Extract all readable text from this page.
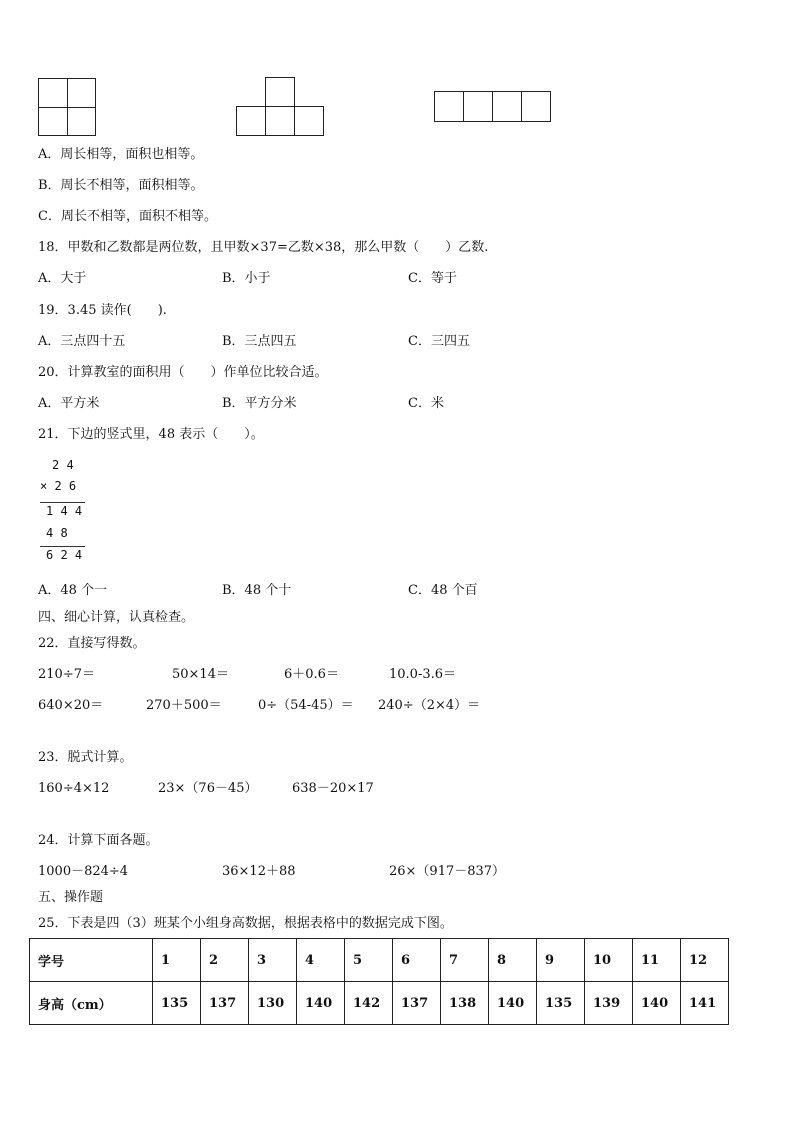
A．周长相等，面积也相等。
B．周长不相等，面积相等。
C．周长不相等，面积不相等。
18．甲数和乙数都是两位数，且甲数×37=乙数×38，那么甲数（　　）乙数.
A．大于	B．小于	C．等于
19．3.45 读作(　　).
A．三点四十五	B．三点四五	C．三四五
20．计算教室的面积用（　　）作单位比较合适。
A．平方米	B．平方分米	C．米
21．下边的竖式里，48 表示（　　）。
2 4
× 2 6
1 4 4
4 8
6 2 4
A．48 个一	B．48 个十	C．48 个百
四、细心计算，认真检查。
22．直接写得数。
210÷7＝	50×14＝	6＋0.6＝	10.0-3.6＝
640×20＝	270＋500＝	0÷（54-45）＝ 240÷（2×4）＝
23．脱式计算。
160÷4×12	23×（76－45）	638－20×17
24．计算下面各题。
1000－824÷4	36×12＋88	26×（917－837）
五、操作题
25．下表是四（3）班某个小组身高数据，根据表格中的数据完成下图。
学号	1	2	3	4	5	6	7	8	9	10	11	12
身高（cm）	135	137	130	140	142	137	138	140	135	139	140	141
